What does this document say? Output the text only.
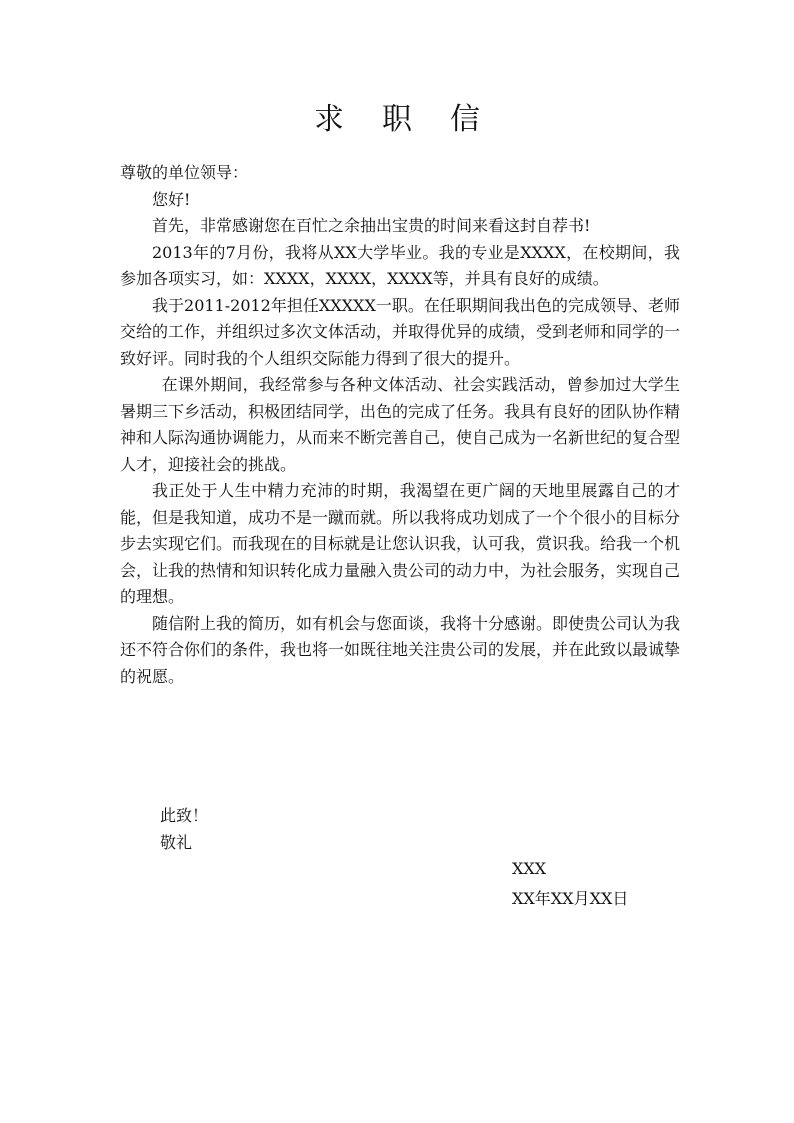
求职信

尊敬的单位领导：

您好!

首先，非常感谢您在百忙之余抽出宝贵的时间来看这封自荐书!

2013年的7月份，我将从XX大学毕业。我的专业是XXXX，在校期间，我参加各项实习，如：XXXX，XXXX，XXXX等，并具有良好的成绩。

我于2011-2012年担任XXXXX一职。在任职期间我出色的完成领导、老师交给的工作，并组织过多次文体活动，并取得优异的成绩，受到老师和同学的一致好评。同时我的个人组织交际能力得到了很大的提升。

在课外期间，我经常参与各种文体活动、社会实践活动，曾参加过大学生暑期三下乡活动，积极团结同学，出色的完成了任务。我具有良好的团队协作精神和人际沟通协调能力，从而来不断完善自己，使自己成为一名新世纪的复合型人才，迎接社会的挑战。

我正处于人生中精力充沛的时期，我渴望在更广阔的天地里展露自己的才能，但是我知道，成功不是一蹴而就。所以我将成功划成了一个个很小的目标分步去实现它们。而我现在的目标就是让您认识我，认可我，赏识我。给我一个机会，让我的热情和知识转化成力量融入贵公司的动力中，为社会服务，实现自己的理想。

随信附上我的简历，如有机会与您面谈，我将十分感谢。即使贵公司认为我还不符合你们的条件，我也将一如既往地关注贵公司的发展，并在此致以最诚挚的祝愿。

此致！
敬礼
XXX
XX年XX月XX日
